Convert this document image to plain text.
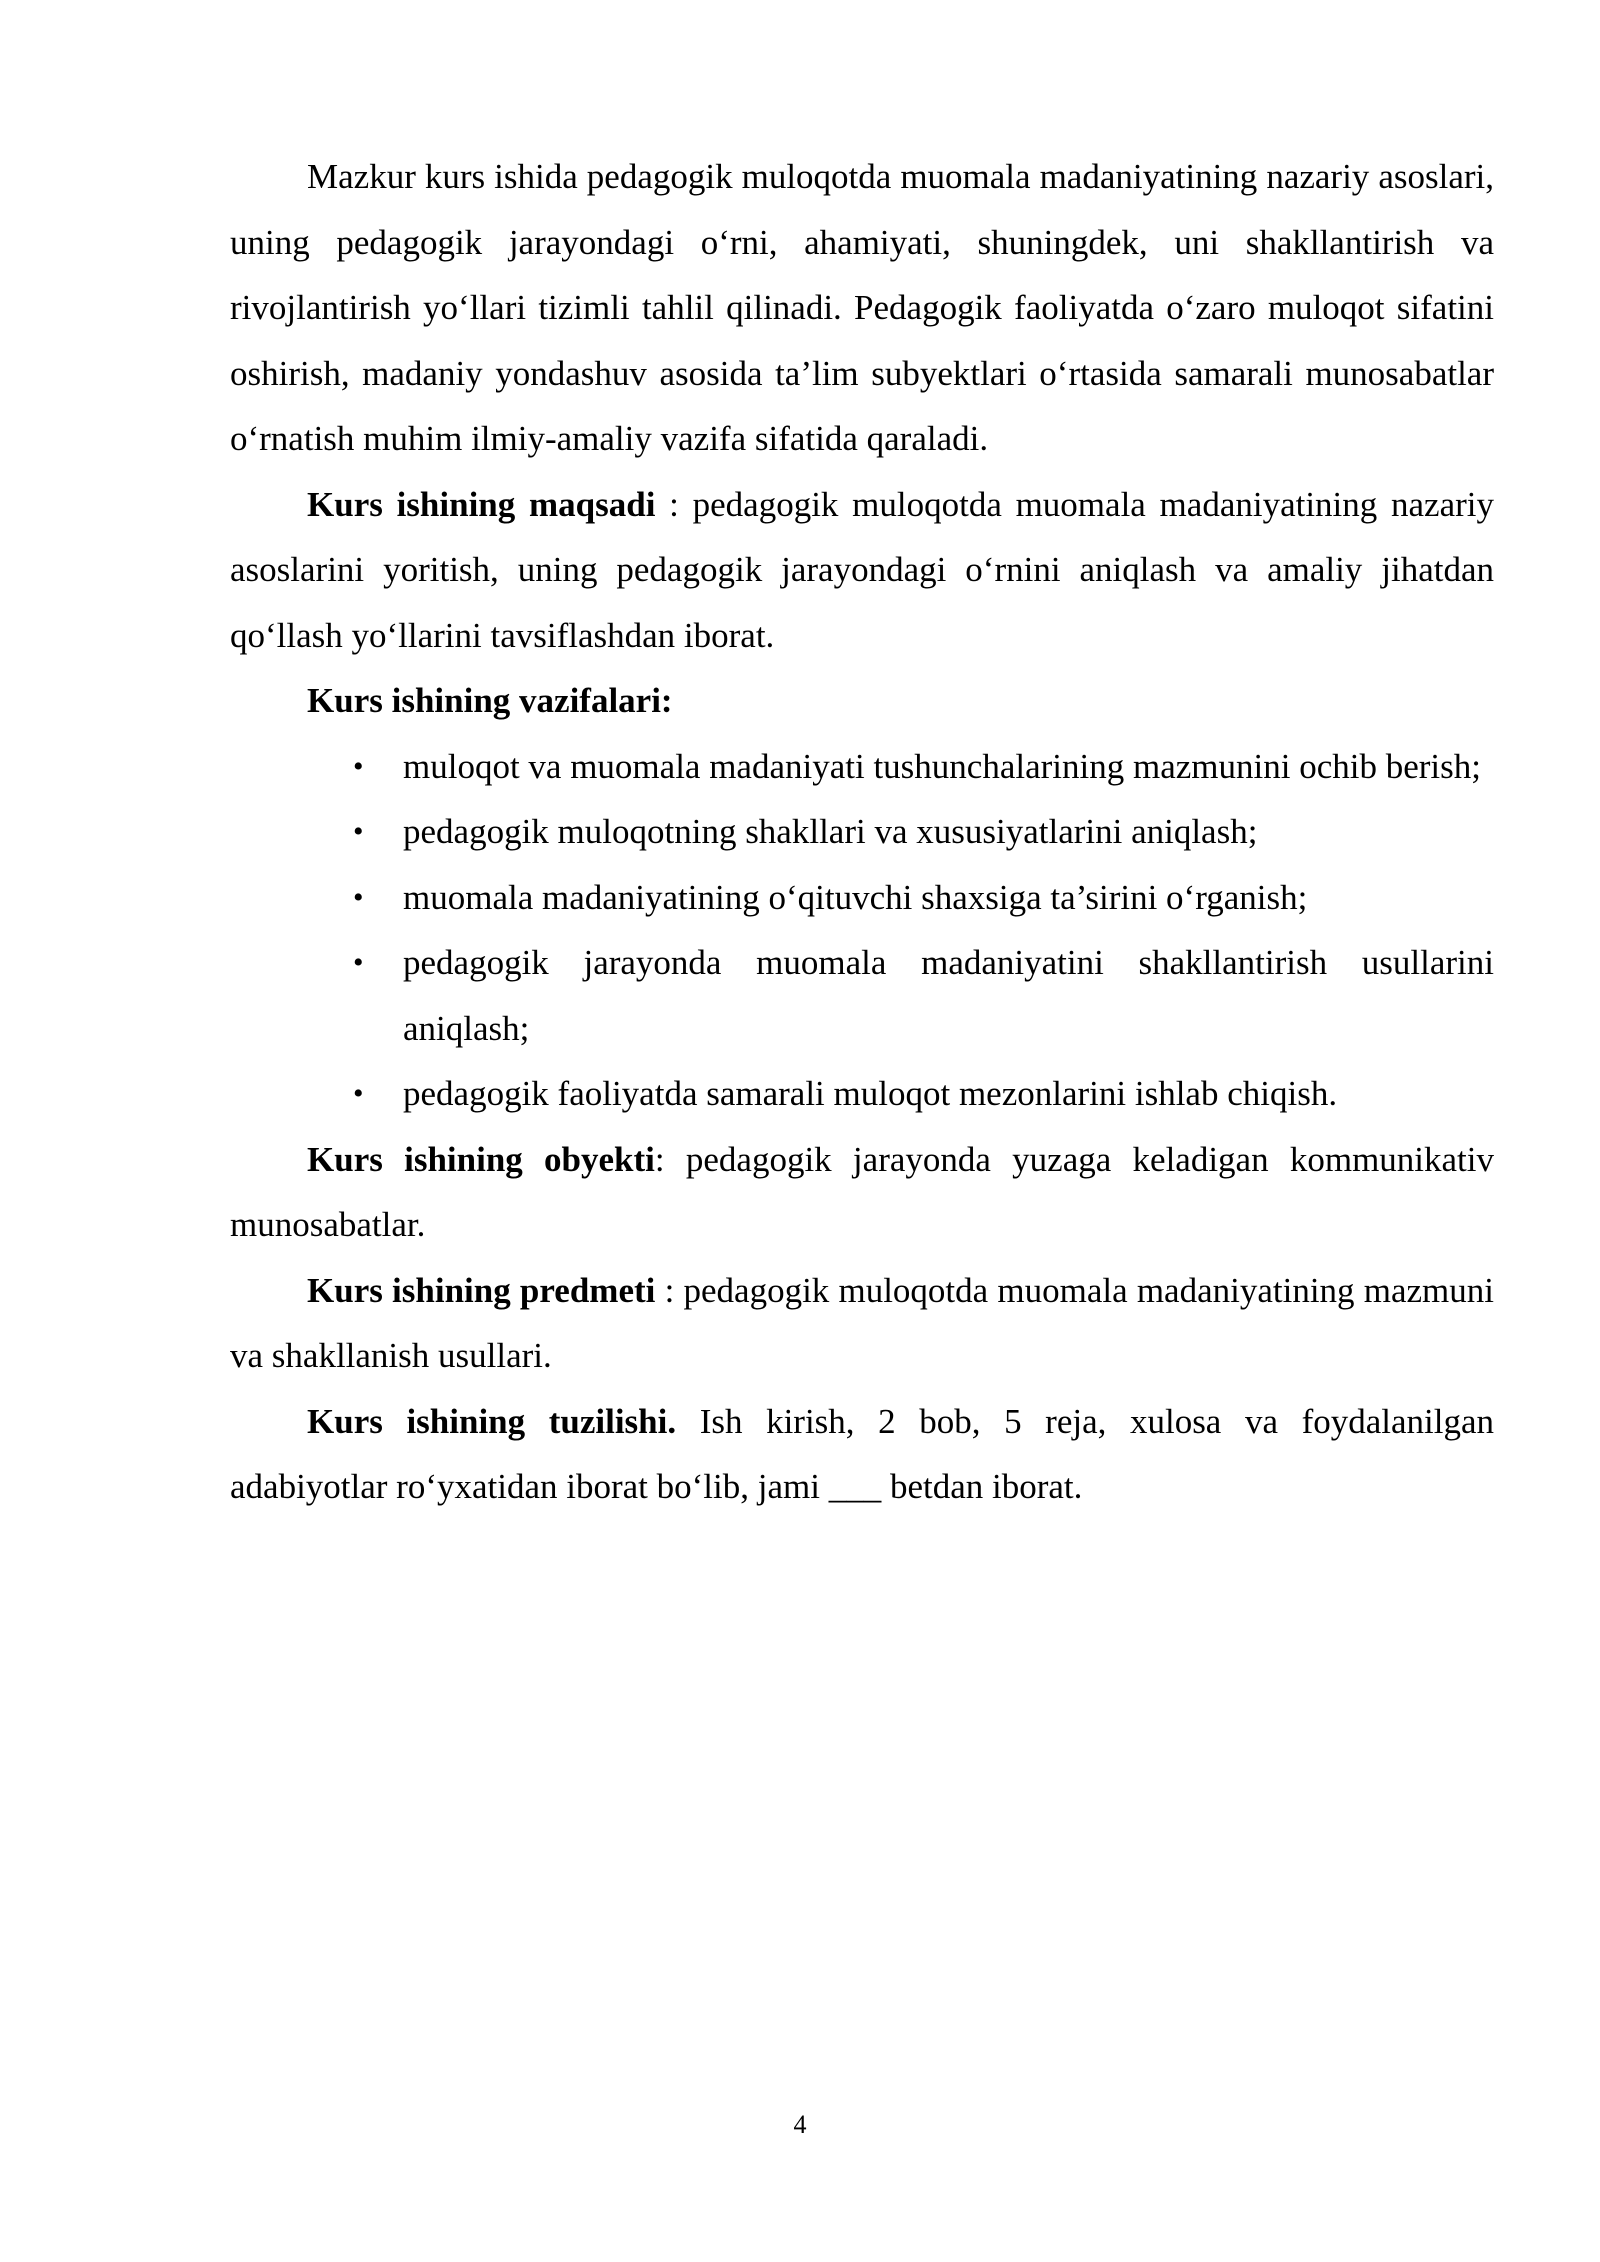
Mazkur kurs ishida pedagogik muloqotda muomala madaniyatining nazariy asoslari, uning pedagogik jarayondagi o‘rni, ahamiyati, shuningdek, uni shakllantirish va rivojlantirish yo‘llari tizimli tahlil qilinadi. Pedagogik faoliyatda o‘zaro muloqot sifatini oshirish, madaniy yondashuv asosida ta’lim subyektlari o‘rtasida samarali munosabatlar o‘rnatish muhim ilmiy-amaliy vazifa sifatida qaraladi.

Kurs ishining maqsadi : pedagogik muloqotda muomala madaniyatining nazariy asoslarini yoritish, uning pedagogik jarayondagi o‘rnini aniqlash va amaliy jihatdan qo‘llash yo‘llarini tavsiflashdan iborat.

Kurs ishining vazifalari:

• muloqot va muomala madaniyati tushunchalarining mazmunini ochib berish;
• pedagogik muloqotning shakllari va xususiyatlarini aniqlash;
• muomala madaniyatining o‘qituvchi shaxsiga ta’sirini o‘rganish;
• pedagogik jarayonda muomala madaniyatini shakllantirish usullarini aniqlash;
• pedagogik faoliyatda samarali muloqot mezonlarini ishlab chiqish.

Kurs ishining obyekti: pedagogik jarayonda yuzaga keladigan kommunikativ munosabatlar.

Kurs ishining predmeti : pedagogik muloqotda muomala madaniyatining mazmuni va shakllanish usullari.

Kurs ishining tuzilishi. Ish kirish, 2 bob, 5 reja, xulosa va foydalanilgan adabiyotlar ro‘yxatidan iborat bo‘lib, jami ___ betdan iborat.

4
